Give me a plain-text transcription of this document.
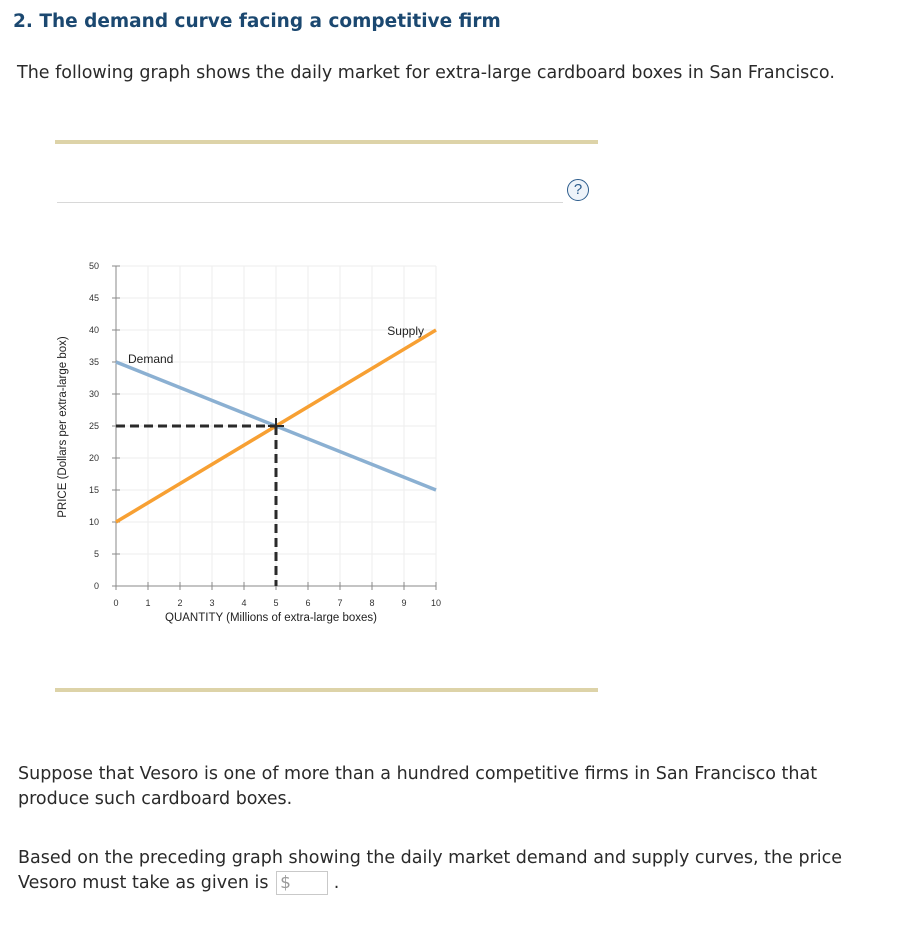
2. The demand curve facing a competitive firm

The following graph shows the daily market for extra-large cardboard boxes in San Francisco.

?
0
5
10
15
20
25
30
35
40
45
50
0	1	2	3	4	5	6	7	8	9	10
Demand
Supply
PRICE (Dollars per extra-large box)
QUANTITY (Millions of extra-large boxes)

Suppose that Vesoro is one of more than a hundred competitive firms in San Francisco that produce such cardboard boxes.

Based on the preceding graph showing the daily market demand and supply curves, the price Vesoro must take as given is $ .
